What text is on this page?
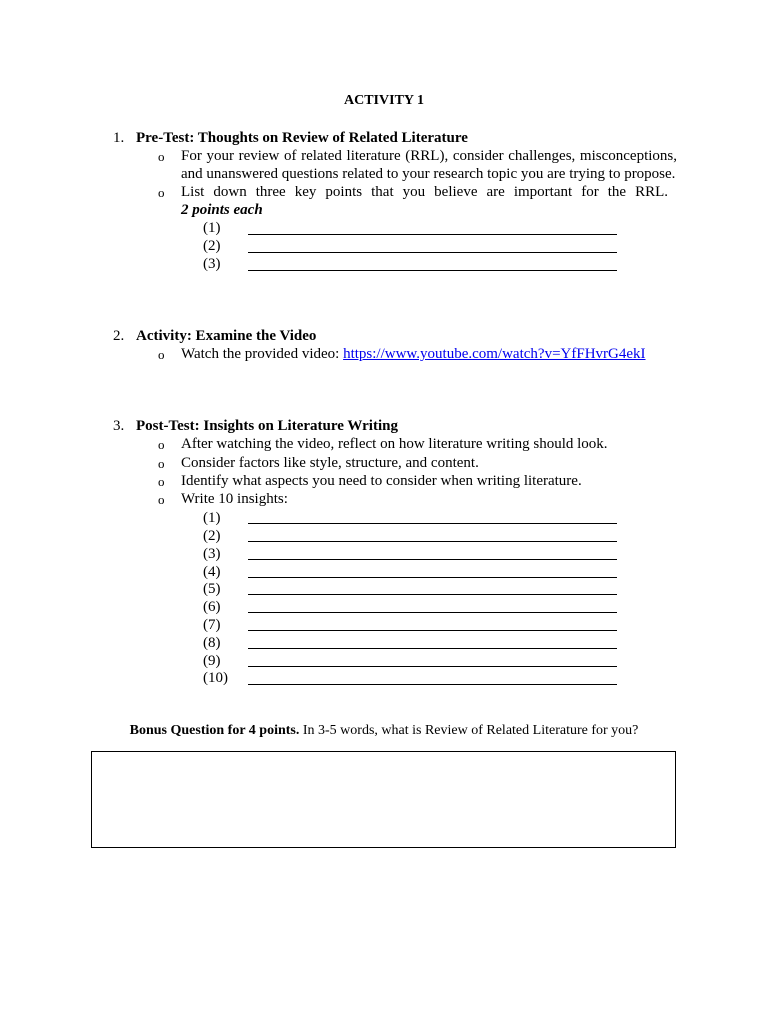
ACTIVITY 1
1. Pre-Test: Thoughts on Review of Related Literature
o For your review of related literature (RRL), consider challenges, misconceptions, and unanswered questions related to your research topic you are trying to propose.
o List down three key points that you believe are important for the RRL.
2 points each
(1)
(2)
(3)
2. Activity: Examine the Video
o Watch the provided video: https://www.youtube.com/watch?v=YfFHvrG4ekI
3. Post-Test: Insights on Literature Writing
o After watching the video, reflect on how literature writing should look.
o Consider factors like style, structure, and content.
o Identify what aspects you need to consider when writing literature.
o Write 10 insights:
(1)
(2)
(3)
(4)
(5)
(6)
(7)
(8)
(9)
(10)
Bonus Question for 4 points. In 3-5 words, what is Review of Related Literature for you?
